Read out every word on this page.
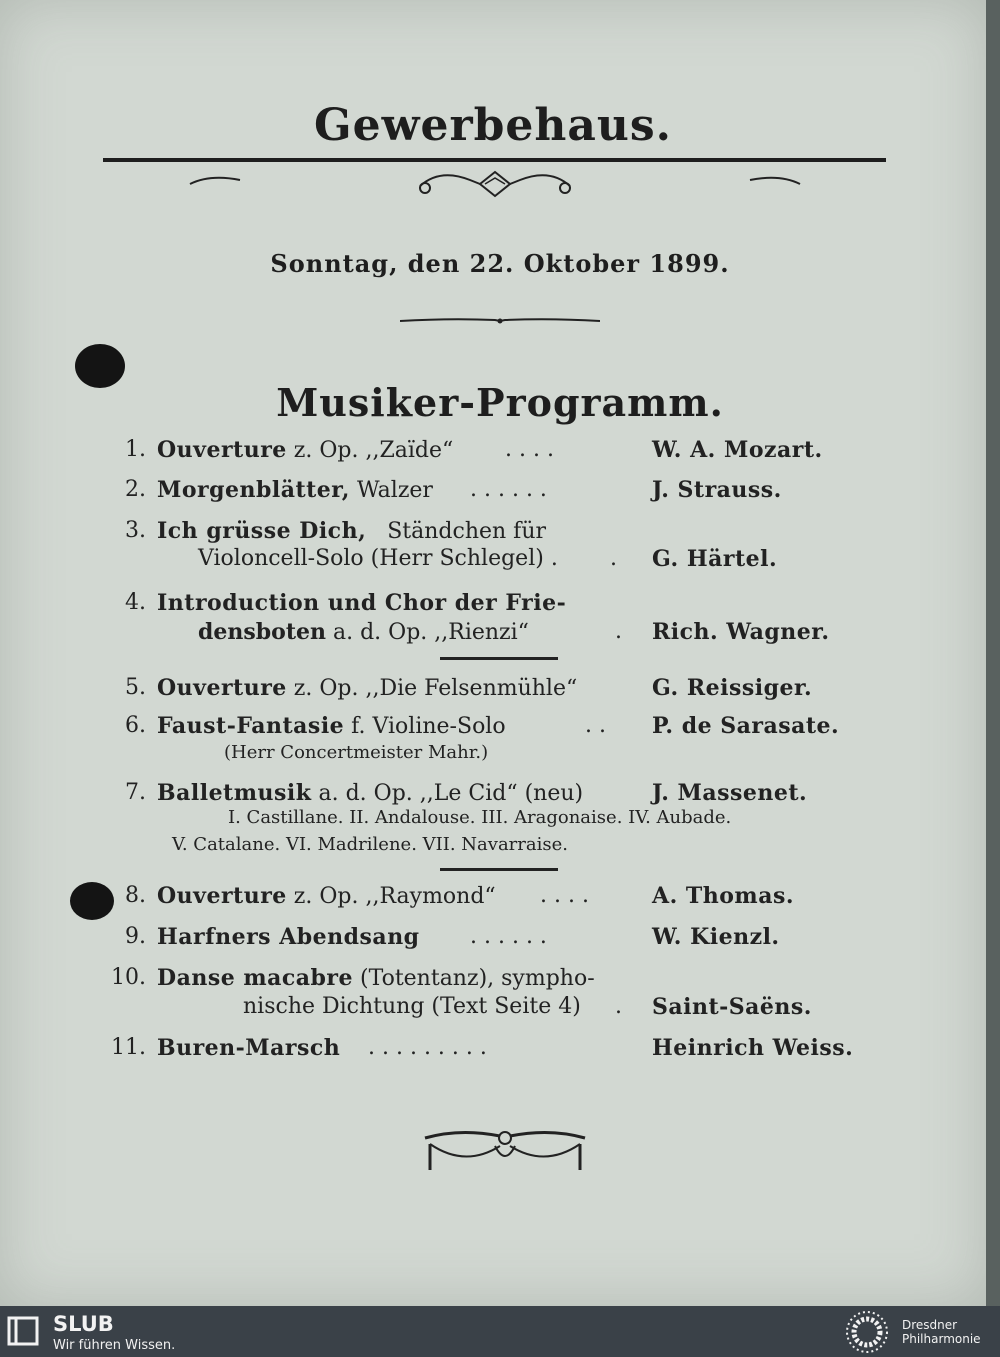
Gewerbehaus.
Sonntag, den 22. Oktober 1899.
Musiker-Programm.
1. Ouverture z. Op. ,,Zaïde“ . . . .	W. A. Mozart.
2. Morgenblätter, Walzer . . . . . .	J. Strauss.
3. Ich grüsse Dich, Ständchen für
Violoncell-Solo (Herr Schlegel) . . G. Härtel.
4. Introduction und Chor der Frie-
densboten a. d. Op. ,,Rienzi“	. Rich. Wagner.
5. Ouverture z. Op. ,,Die Felsenmühle“	G. Reissiger.
6. Faust-Fantasie f. Violine-Solo	. . P. de Sarasate.
(Herr Concertmeister Mahr.)
7. Balletmusik a. d. Op. ,,Le Cid“ (neu)	J. Massenet.
I. Castillane. II. Andalouse. III. Aragonaise. IV. Aubade.
V. Catalane. VI. Madrilene. VII. Navarraise.
8. Ouverture z. Op. ,,Raymond“ . . . .	A. Thomas.
9. Harfners Abendsang . . . . . .	W. Kienzl.
10. Danse macabre (Totentanz), sympho-
nische Dichtung (Text Seite 4) . Saint-Saëns.
11. Buren-Marsch . . . . . . . . .	Heinrich Weiss.
SLUB
Wir führen Wissen.
Dresdner
Philharmonie
